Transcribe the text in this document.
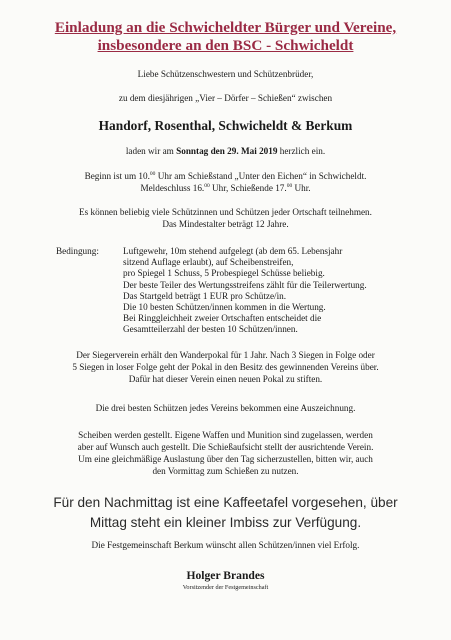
Einladung an die Schwicheldter Bürger und Vereine,
insbesondere an den BSC - Schwicheldt
Liebe Schützenschwestern und Schützenbrüder,
zu dem diesjährigen „Vier – Dörfer – Schießen“ zwischen
Handorf, Rosenthal, Schwicheldt & Berkum
laden wir am Sonntag den 29. Mai 2019 herzlich ein.
Beginn ist um 10.00 Uhr am Schießstand „Unter den Eichen“ in Schwicheldt.
Meldeschluss 16.00 Uhr, Schießende 17.00 Uhr.
Es können beliebig viele Schützinnen und Schützen jeder Ortschaft teilnehmen.
Das Mindestalter beträgt 12 Jahre.
Bedingung:	Luftgewehr, 10m stehend aufgelegt (ab dem 65. Lebensjahr
sitzend Auflage erlaubt), auf Scheibenstreifen,
pro Spiegel 1 Schuss, 5 Probespiegel Schüsse beliebig.
Der beste Teiler des Wertungsstreifens zählt für die Teilerwertung.
Das Startgeld beträgt 1 EUR pro Schütze/in.
Die 10 besten Schützen/innen kommen in die Wertung.
Bei Ringgleichheit zweier Ortschaften entscheidet die
Gesamtteilerzahl der besten 10 Schützen/innen.
Der Siegerverein erhält den Wanderpokal für 1 Jahr. Nach 3 Siegen in Folge oder
5 Siegen in loser Folge geht der Pokal in den Besitz des gewinnenden Vereins über.
Dafür hat dieser Verein einen neuen Pokal zu stiften.
Die drei besten Schützen jedes Vereins bekommen eine Auszeichnung.
Scheiben werden gestellt. Eigene Waffen und Munition sind zugelassen, werden
aber auf Wunsch auch gestellt. Die Schießaufsicht stellt der ausrichtende Verein.
Um eine gleichmäßige Auslastung über den Tag sicherzustellen, bitten wir, auch
den Vormittag zum Schießen zu nutzen.
Für den Nachmittag ist eine Kaffeetafel vorgesehen, über
Mittag steht ein kleiner Imbiss zur Verfügung.
Die Festgemeinschaft Berkum wünscht allen Schützen/innen viel Erfolg.
Holger Brandes
Vorsitzender der Festgemeinschaft
